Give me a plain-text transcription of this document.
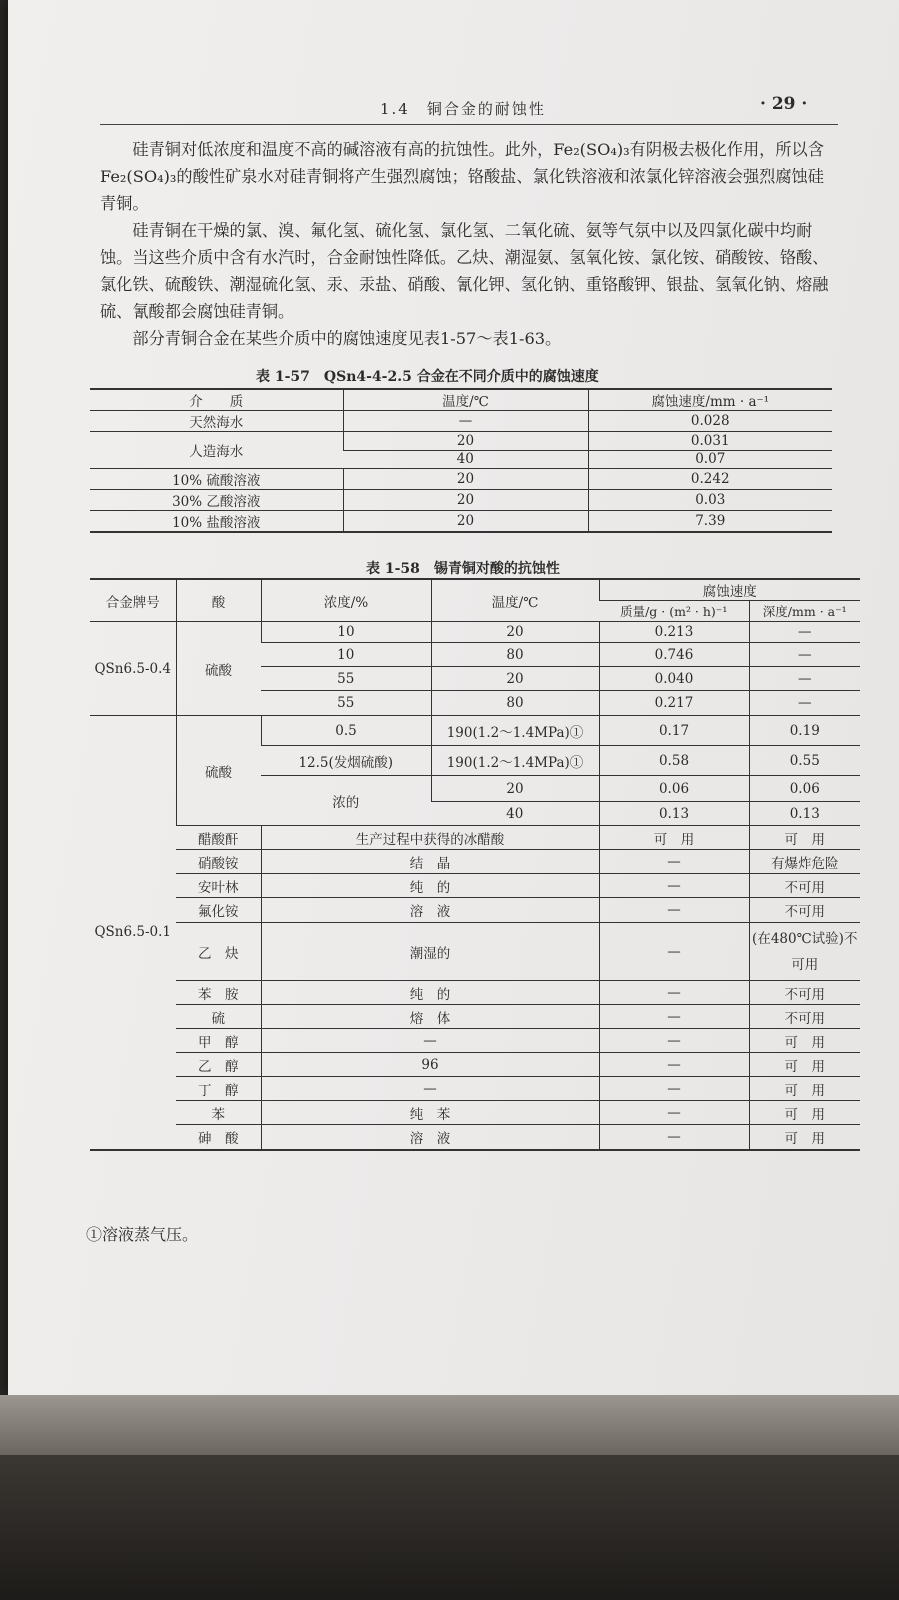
1.4　铜合金的耐蚀性	· 29 ·

硅青铜对低浓度和温度不高的碱溶液有高的抗蚀性。此外，Fe₂(SO₄)₃有阴极去极化作用，所以含Fe₂(SO₄)₃的酸性矿泉水对硅青铜将产生强烈腐蚀；铬酸盐、氯化铁溶液和浓氯化锌溶液会强烈腐蚀硅青铜。

硅青铜在干燥的氯、溴、氟化氢、硫化氢、氯化氢、二氧化硫、氨等气氛中以及四氯化碳中均耐蚀。当这些介质中含有水汽时，合金耐蚀性降低。乙炔、潮湿氨、氢氧化铵、氯化铵、硝酸铵、铬酸、氯化铁、硫酸铁、潮湿硫化氢、汞、汞盐、硝酸、氰化钾、氢化钠、重铬酸钾、银盐、氢氧化钠、熔融硫、氰酸都会腐蚀硅青铜。

部分青铜合金在某些介质中的腐蚀速度见表1-57～表1-63。

表 1-57　QSn4-4-2.5 合金在不同介质中的腐蚀速度
介　　质	温度/℃	腐蚀速度/mm · a⁻¹
天然海水	—	0.028
人造海水	20	0.031
	40	0.07
10% 硫酸溶液	20	0.242
30% 乙酸溶液	20	0.03
10% 盐酸溶液	20	7.39
表 1-58　锡青铜对酸的抗蚀性
合金牌号	酸	浓度/%	温度/℃	腐蚀速度	
				质量/g · (m² · h)⁻¹	深度/mm · a⁻¹
QSn6.5-0.4	硫酸	10	20	0.213	—
		10	80	0.746	—
		55	20	0.040	—
		55	80	0.217	—
QSn6.5-0.1	硫酸	0.5	190(1.2～1.4MPa)①	0.17	0.19
		12.5(发烟硫酸)	190(1.2～1.4MPa)①	0.58	0.55
		浓的	20	0.06	0.06
			40	0.13	0.13
	醋酸酐	生产过程中获得的冰醋酸		可　用	可　用
	硝酸铵	结　晶		—	有爆炸危险
	安叶林	纯　的		—	不可用
	氟化铵	溶　液		—	不可用
	乙　炔	潮湿的		—	(在480℃试验)不可用
	苯　胺	纯　的		—	不可用
	硫	熔　体		—	不可用
	甲　醇	—		—	可　用
	乙　醇	96		—	可　用
	丁　醇	—		—	可　用
	苯	纯　苯		—	可　用
	砷　酸	溶　液		—	可　用
①溶液蒸气压。
